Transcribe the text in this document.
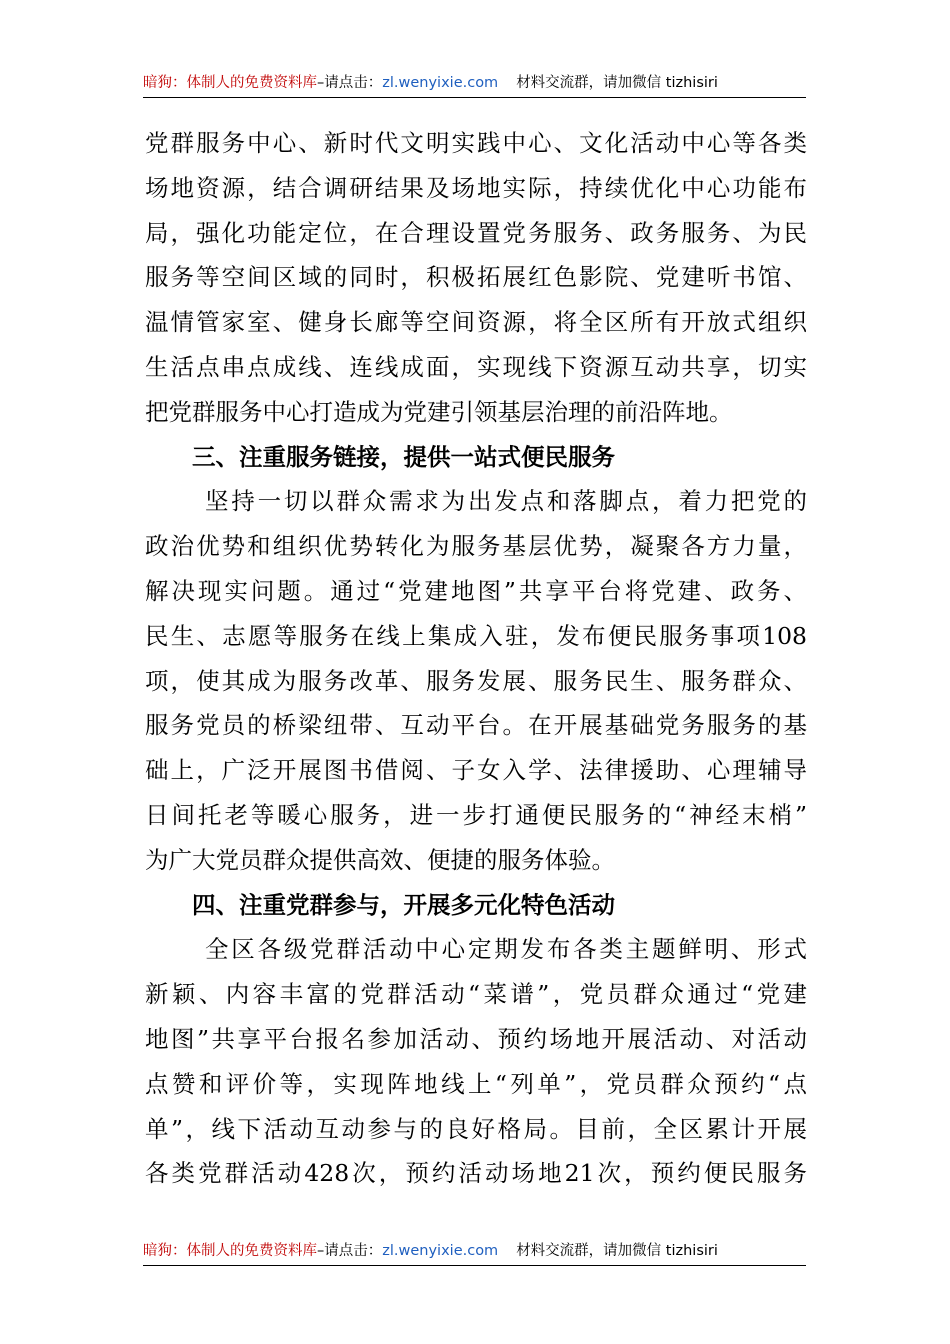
暗狗：体制人的免费资料库–请点击：zl.wenyixie.com 材料交流群，请加微信 tizhisiri
党群服务中心、新时代文明实践中心、文化活动中心等各类
场地资源，结合调研结果及场地实际，持续优化中心功能布
局，强化功能定位，在合理设置党务服务、政务服务、为民
服务等空间区域的同时，积极拓展红色影院、党建听书馆、
温情管家室、健身长廊等空间资源，将全区所有开放式组织
生活点串点成线、连线成面，实现线下资源互动共享，切实
把党群服务中心打造成为党建引领基层治理的前沿阵地。
三、注重服务链接，提供一站式便民服务
坚持一切以群众需求为出发点和落脚点，着力把党的
政治优势和组织优势转化为服务基层优势，凝聚各方力量，
解决现实问题。通过“党建地图”共享平台将党建、政务、
民生、志愿等服务在线上集成入驻，发布便民服务事项108
项，使其成为服务改革、服务发展、服务民生、服务群众、
服务党员的桥梁纽带、互动平台。在开展基础党务服务的基
础上，广泛开展图书借阅、子女入学、法律援助、心理辅导
日间托老等暖心服务，进一步打通便民服务的“神经末梢”
为广大党员群众提供高效、便捷的服务体验。
四、注重党群参与，开展多元化特色活动
全区各级党群活动中心定期发布各类主题鲜明、形式
新颖、内容丰富的党群活动“菜谱”，党员群众通过“党建
地图”共享平台报名参加活动、预约场地开展活动、对活动
点赞和评价等，实现阵地线上“列单”，党员群众预约“点
单”，线下活动互动参与的良好格局。目前，全区累计开展
各类党群活动428次，预约活动场地21次，预约便民服务
暗狗：体制人的免费资料库–请点击：zl.wenyixie.com 材料交流群，请加微信 tizhisiri
